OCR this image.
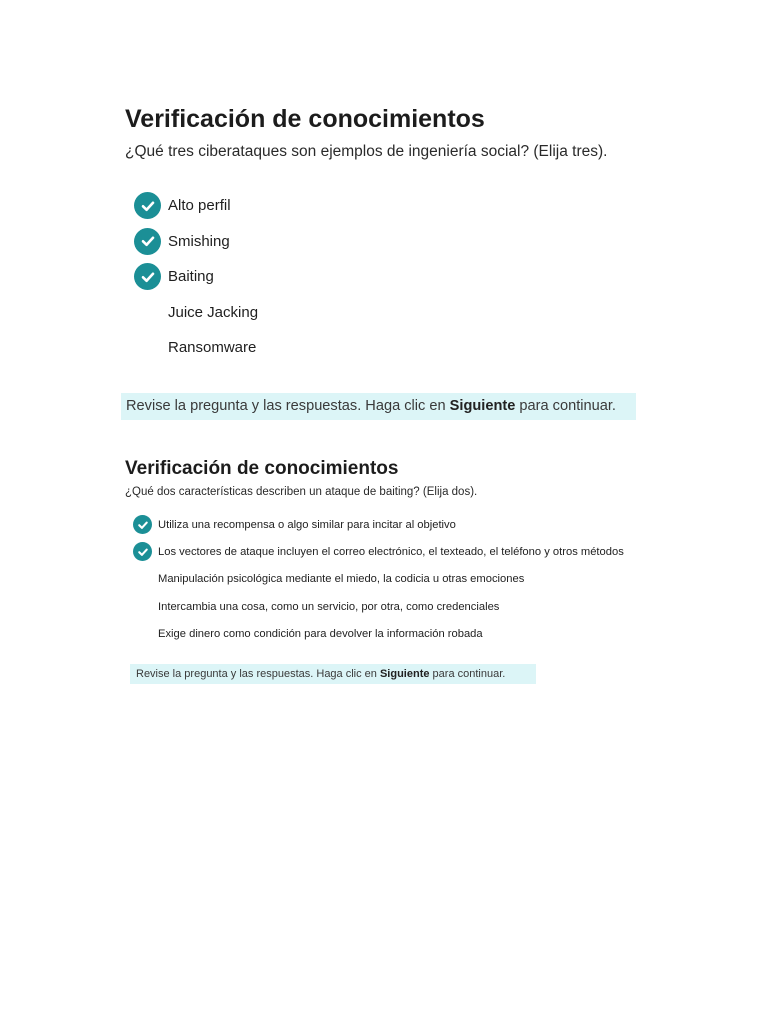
Verificación de conocimientos

¿Qué tres ciberataques son ejemplos de ingeniería social? (Elija tres).

Alto perfil
Smishing
Baiting
Juice Jacking
Ransomware
Revise la pregunta y las respuestas. Haga clic en Siguiente para continuar.
Verificación de conocimientos

¿Qué dos características describen un ataque de baiting? (Elija dos).

Utiliza una recompensa o algo similar para incitar al objetivo
Los vectores de ataque incluyen el correo electrónico, el texteado, el teléfono y otros métodos
Manipulación psicológica mediante el miedo, la codicia u otras emociones
Intercambia una cosa, como un servicio, por otra, como credenciales
Exige dinero como condición para devolver la información robada
Revise la pregunta y las respuestas. Haga clic en Siguiente para continuar.
